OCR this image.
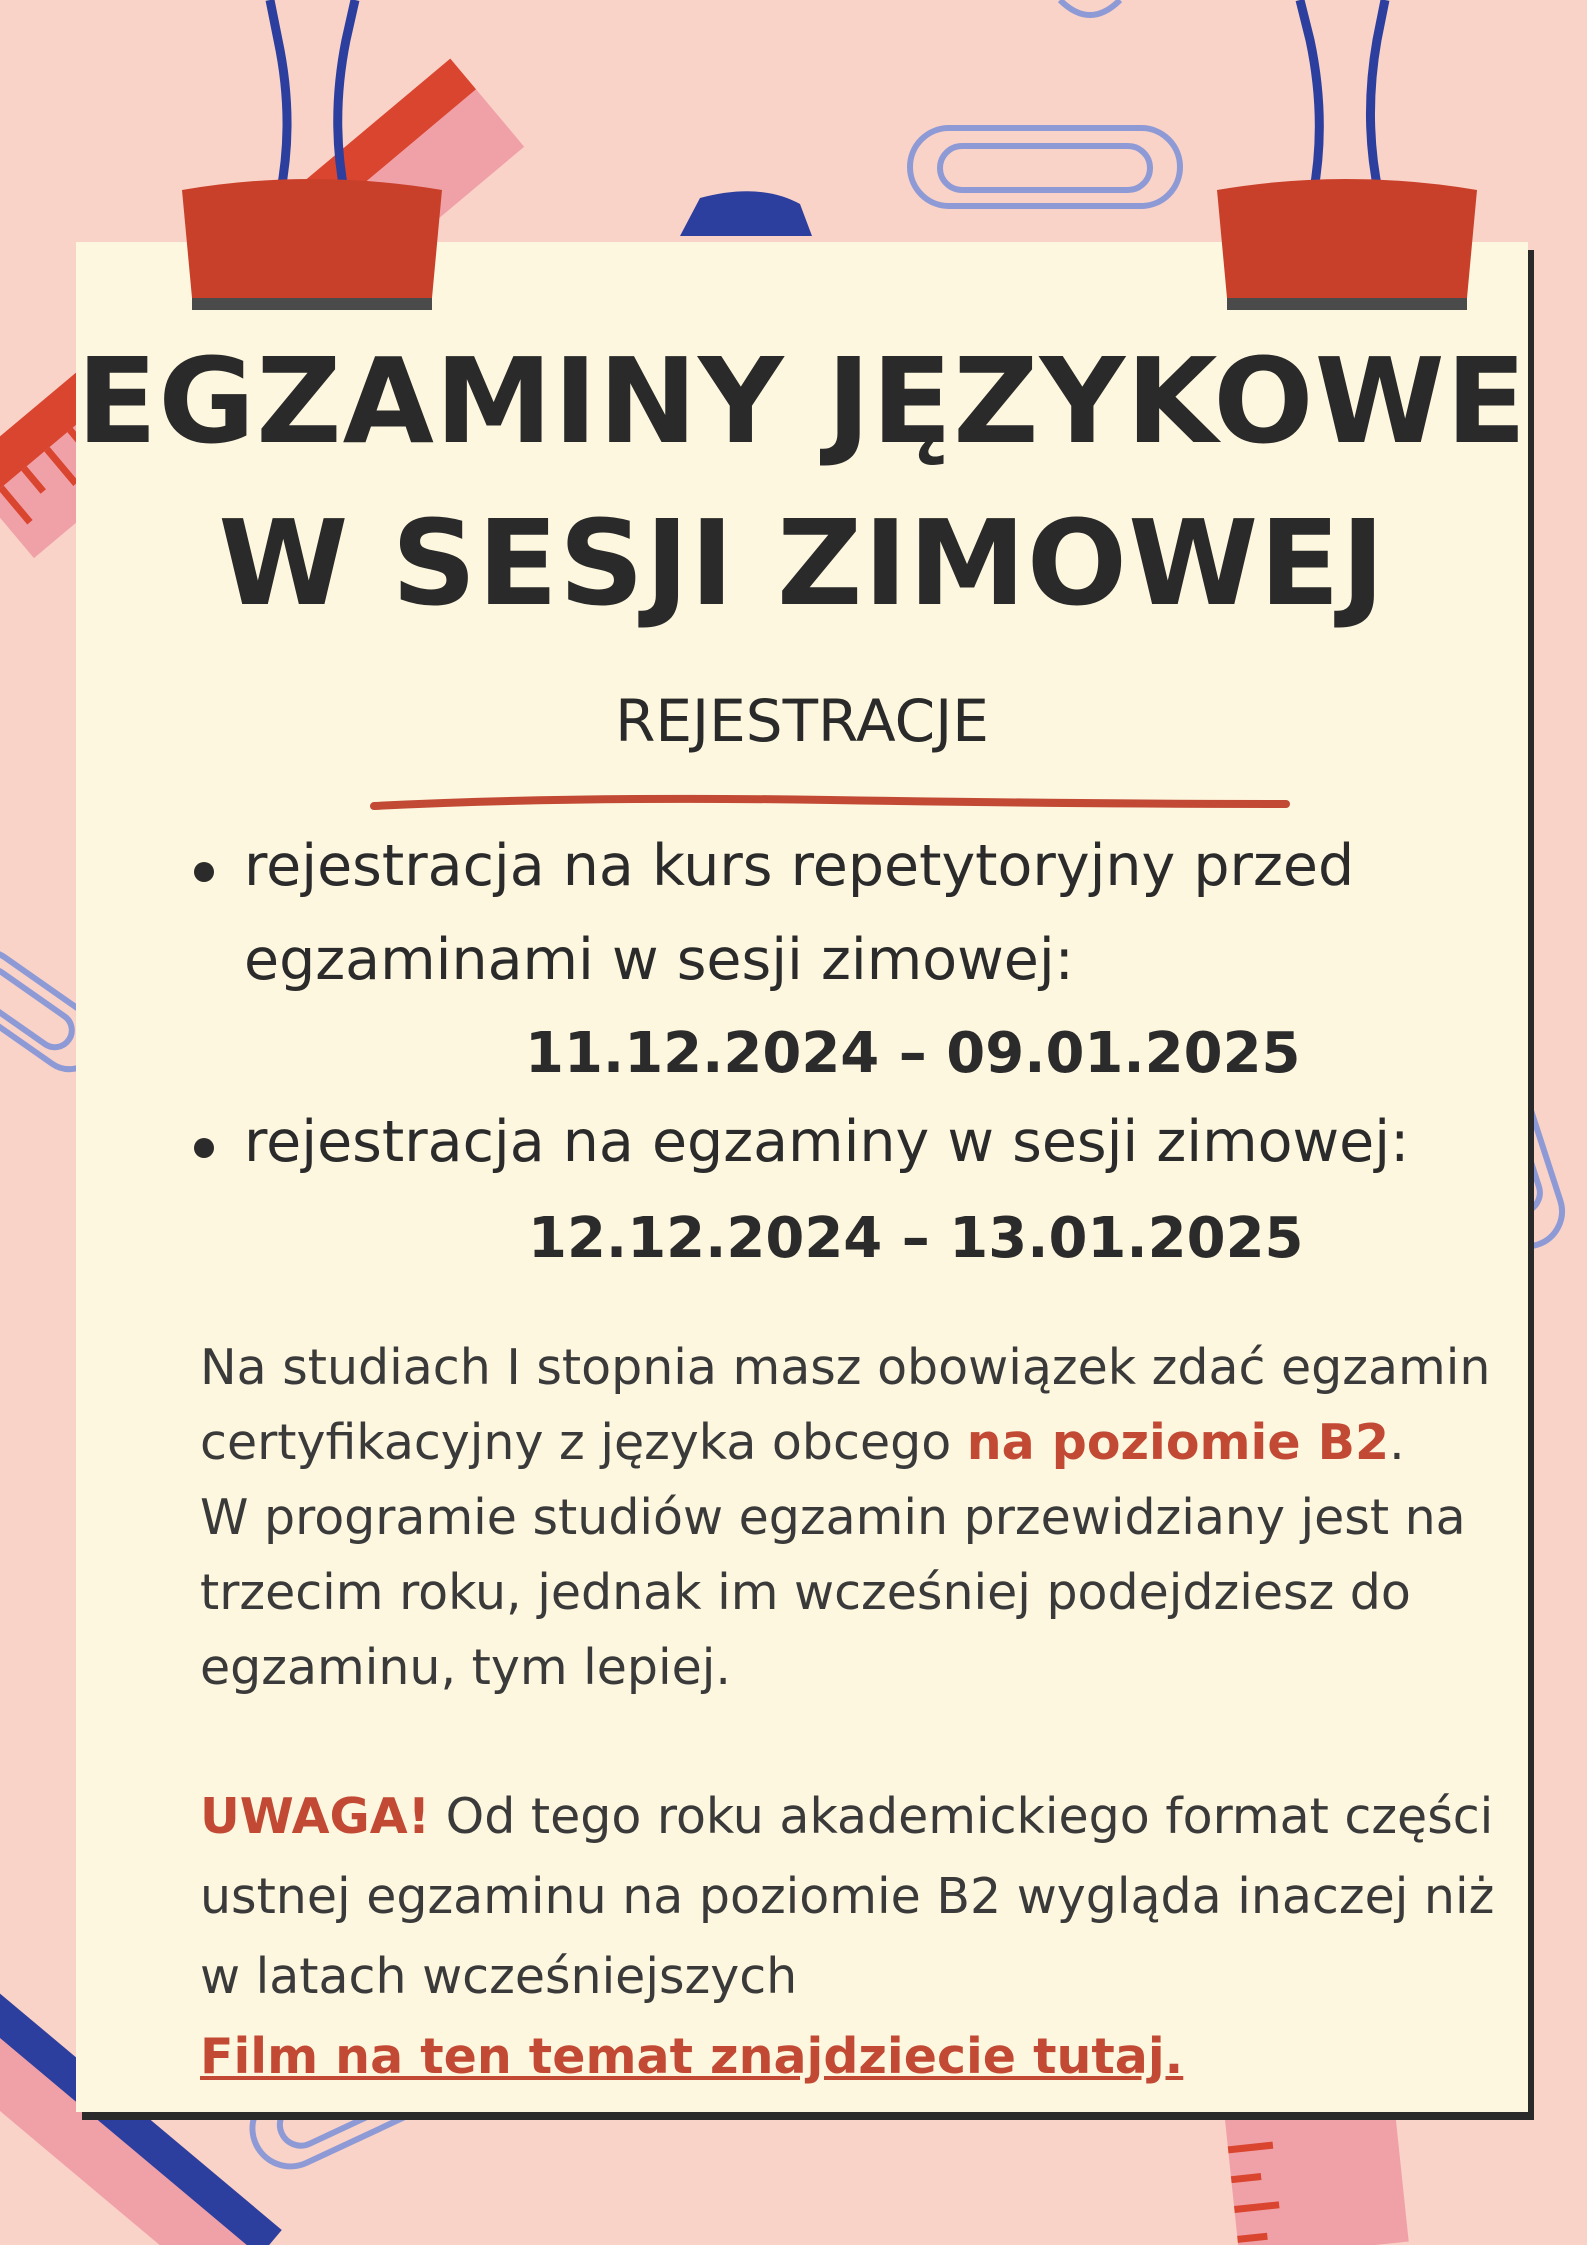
EGZAMINY JĘZYKOWE
W SESJI ZIMOWEJ
REJESTRACJE
rejestracja na kurs repetytoryjny przed
egzaminami w sesji zimowej:
11.12.2024 – 09.01.2025
rejestracja na egzaminy w sesji zimowej:
12.12.2024 – 13.01.2025
Na studiach I stopnia masz obowiązek zdać egzamin
certyfikacyjny z języka obcego na poziomie B2.
W programie studiów egzamin przewidziany jest na
trzecim roku, jednak im wcześniej podejdziesz do
egzaminu, tym lepiej.
UWAGA! Od tego roku akademickiego format części
ustnej egzaminu na poziomie B2 wygląda inaczej niż
w latach wcześniejszych
Film na ten temat znajdziecie tutaj.
